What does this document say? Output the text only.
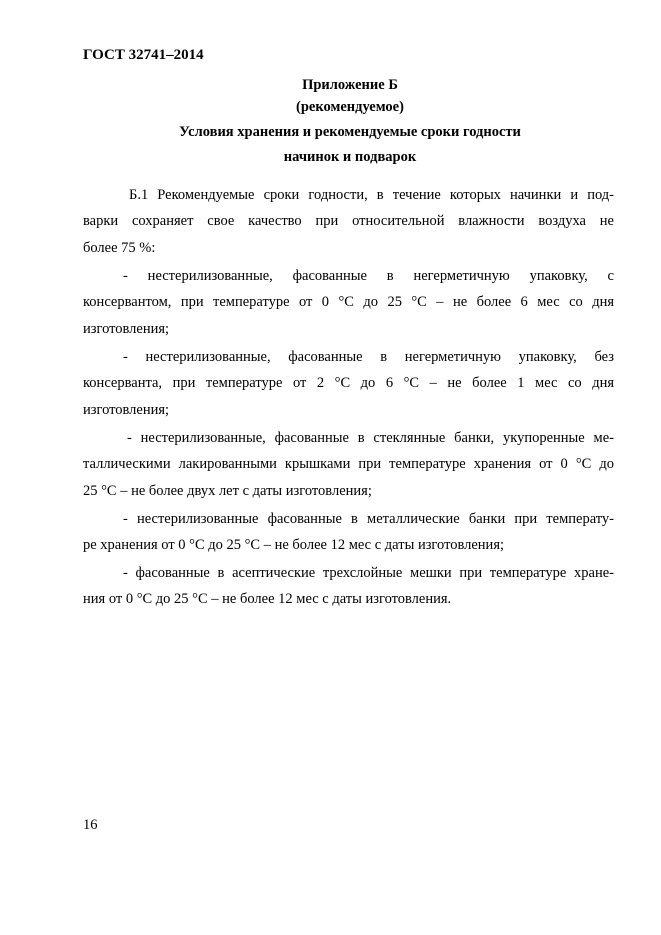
ГОСТ 32741–2014
Приложение Б
(рекомендуемое)
Условия хранения и рекомендуемые сроки годности
начинок и подварок
Б.1 Рекомендуемые сроки годности, в течение которых начинки и под-
варки сохраняет свое качество при относительной влажности воздуха не
более 75 %:
- нестерилизованные, фасованные в негерметичную упаковку, с
консервантом, при температуре от 0 °С до 25 °С – не более 6 мес со дня
изготовления;
- нестерилизованные, фасованные в негерметичную упаковку, без
консерванта, при температуре от 2 °С до 6 °С – не более 1 мес со дня
изготовления;
- нестерилизованные, фасованные в стеклянные банки, укупоренные ме-
таллическими лакированными крышками при температуре хранения от 0 °С до
25 °С – не более двух лет с даты изготовления;
- нестерилизованные фасованные в металлические банки при температу-
ре хранения от 0 °С до 25 °С – не более 12 мес с даты изготовления;
- фасованные в асептические трехслойные мешки при температуре хране-
ния от 0 °С до 25 °С – не более 12 мес с даты изготовления.
16
